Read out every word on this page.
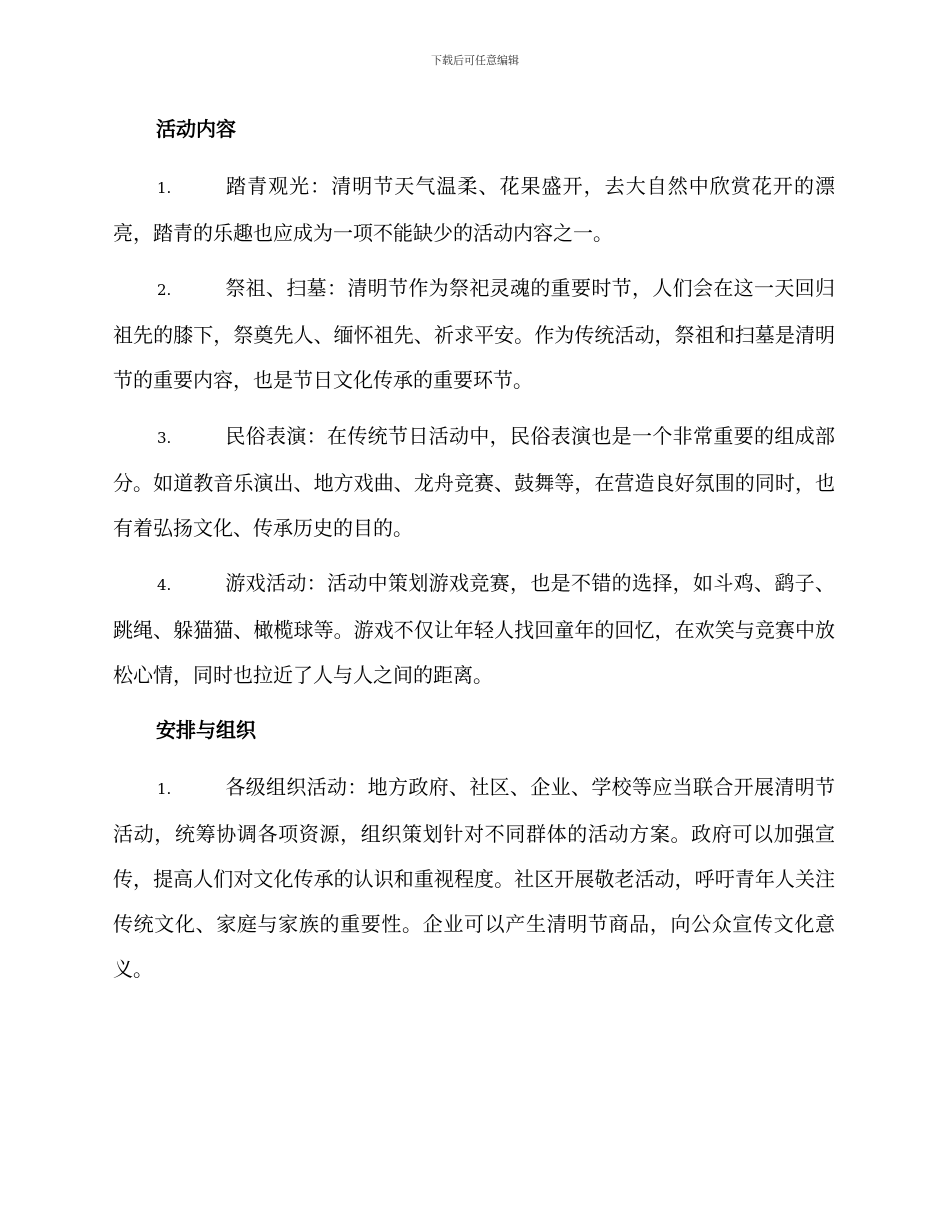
下载后可任意编辑
活动内容
1.	踏青观光：清明节天气温柔、花果盛开，去大自然中欣赏花开的漂亮，踏青的乐趣也应成为一项不能缺少的活动内容之一。
2.	祭祖、扫墓：清明节作为祭祀灵魂的重要时节，人们会在这一天回归祖先的膝下，祭奠先人、缅怀祖先、祈求平安。作为传统活动，祭祖和扫墓是清明节的重要内容，也是节日文化传承的重要环节。
3.	民俗表演：在传统节日活动中，民俗表演也是一个非常重要的组成部分。如道教音乐演出、地方戏曲、龙舟竞赛、鼓舞等，在营造良好氛围的同时，也有着弘扬文化、传承历史的目的。
4.	游戏活动：活动中策划游戏竞赛，也是不错的选择，如斗鸡、鹞子、跳绳、躲猫猫、橄榄球等。游戏不仅让年轻人找回童年的回忆，在欢笑与竞赛中放松心情，同时也拉近了人与人之间的距离。
安排与组织
1.	各级组织活动：地方政府、社区、企业、学校等应当联合开展清明节活动，统筹协调各项资源，组织策划针对不同群体的活动方案。政府可以加强宣传，提高人们对文化传承的认识和重视程度。社区开展敬老活动，呼吁青年人关注传统文化、家庭与家族的重要性。企业可以产生清明节商品，向公众宣传文化意义。
